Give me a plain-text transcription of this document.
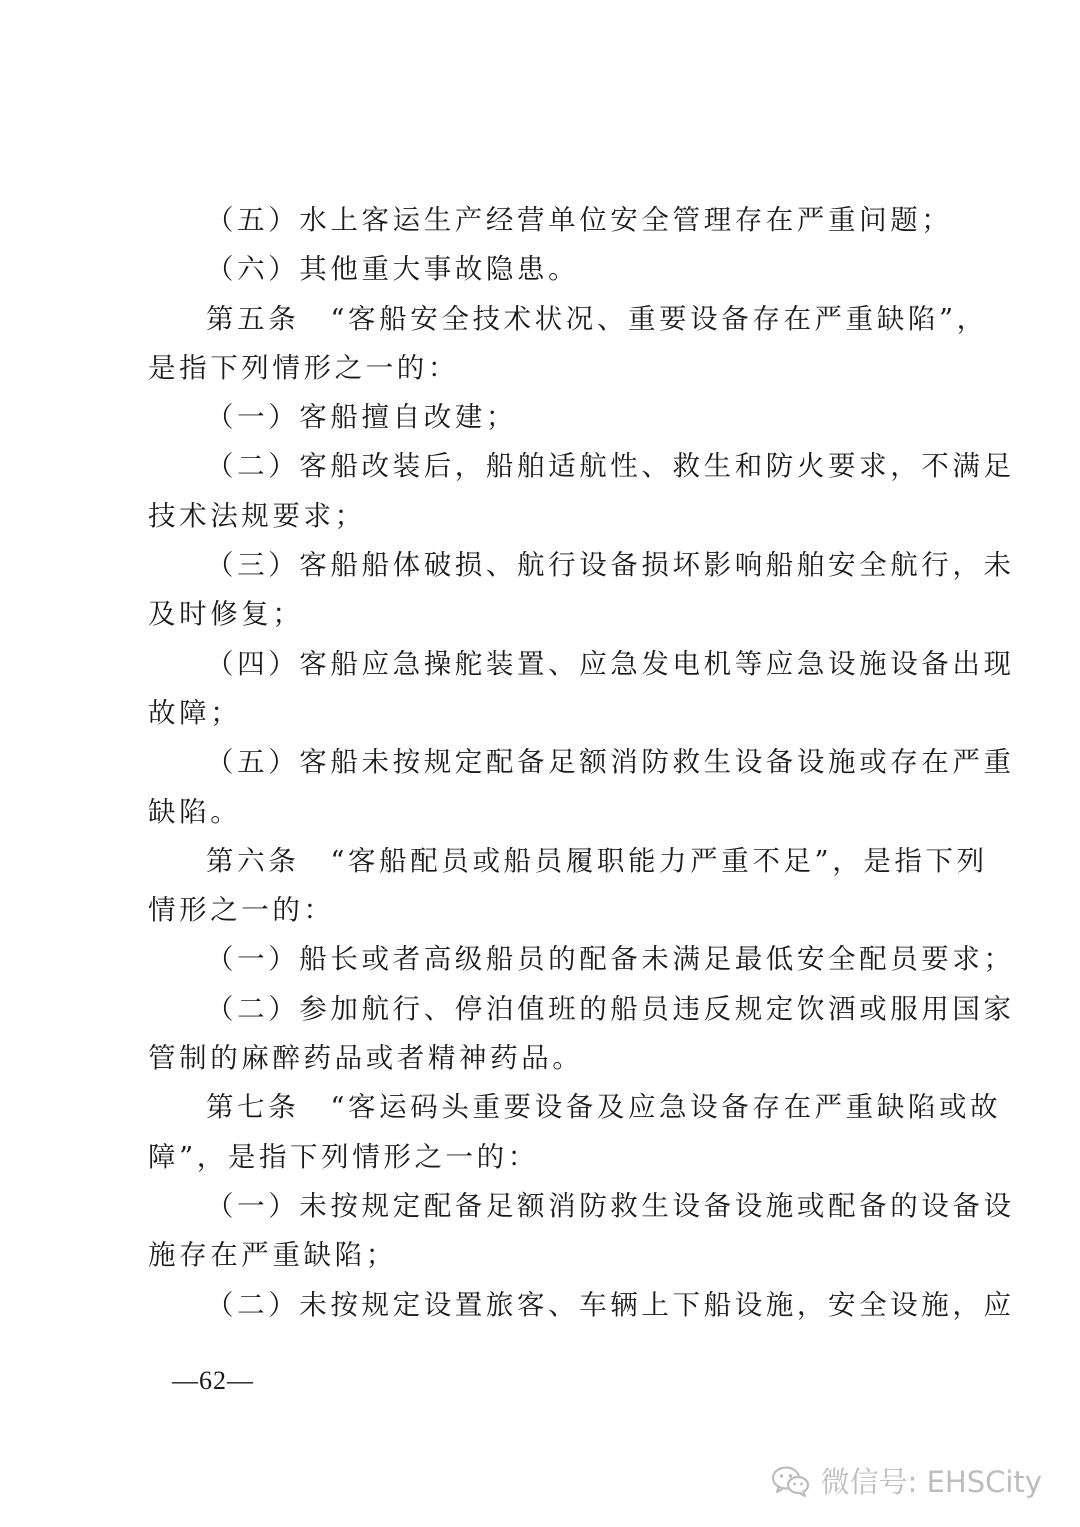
（五）水上客运生产经营单位安全管理存在严重问题；
（六）其他重大事故隐患。
第五条　“客船安全技术状况、重要设备存在严重缺陷”，
是指下列情形之一的：
（一）客船擅自改建；
（二）客船改装后，船舶适航性、救生和防火要求，不满足
技术法规要求；
（三）客船船体破损、航行设备损坏影响船舶安全航行，未
及时修复；
（四）客船应急操舵装置、应急发电机等应急设施设备出现
故障；
（五）客船未按规定配备足额消防救生设备设施或存在严重
缺陷。
第六条　“客船配员或船员履职能力严重不足”，是指下列
情形之一的：
（一）船长或者高级船员的配备未满足最低安全配员要求；
（二）参加航行、停泊值班的船员违反规定饮酒或服用国家
管制的麻醉药品或者精神药品。
第七条　“客运码头重要设备及应急设备存在严重缺陷或故
障”，是指下列情形之一的：
（一）未按规定配备足额消防救生设备设施或配备的设备设
施存在严重缺陷；
（二）未按规定设置旅客、车辆上下船设施，安全设施，应
—62—
微信号: EHSCity
